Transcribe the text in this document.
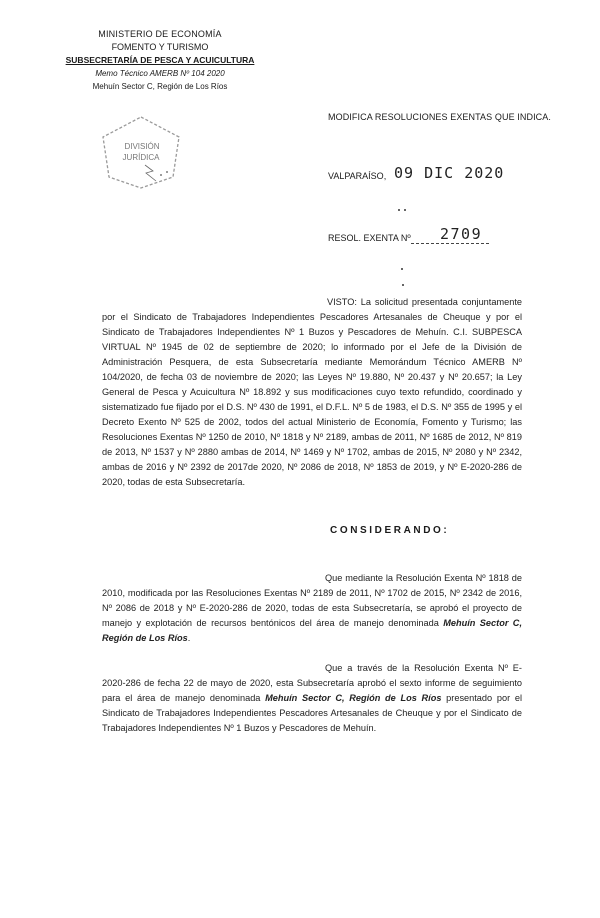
MINISTERIO DE ECONOMÍA
FOMENTO Y TURISMO
SUBSECRETARÍA DE PESCA Y ACUICULTURA
Memo Técnico AMERB Nº 104 2020
Mehuín Sector C, Región de Los Ríos
DIVISIÓN
JURÍDICA
MODIFICA RESOLUCIONES EXENTAS QUE INDICA.
VALPARAÍSO, 09 DIC 2020
RESOL. EXENTA Nº 2709
VISTO: La solicitud presentada conjuntamente por el Sindicato de Trabajadores Independientes Pescadores Artesanales de Cheuque y por el Sindicato de Trabajadores Independientes Nº 1 Buzos y Pescadores de Mehuín. C.I. SUBPESCA VIRTUAL Nº 1945 de 02 de septiembre de 2020; lo informado por el Jefe de la División de Administración Pesquera, de esta Subsecretaría mediante Memorándum Técnico AMERB Nº 104/2020, de fecha 03 de noviembre de 2020; las Leyes Nº 19.880, Nº 20.437 y Nº 20.657; la Ley General de Pesca y Acuicultura Nº 18.892 y sus modificaciones cuyo texto refundido, coordinado y sistematizado fue fijado por el D.S. Nº 430 de 1991, el D.F.L. Nº 5 de 1983, el D.S. Nº 355 de 1995 y el Decreto Exento Nº 525 de 2002, todos del actual Ministerio de Economía, Fomento y Turismo; las Resoluciones Exentas Nº 1250 de 2010, Nº 1818 y Nº 2189, ambas de 2011, Nº 1685 de 2012, Nº 819 de 2013, Nº 1537 y Nº 2880 ambas de 2014, Nº 1469 y Nº 1702, ambas de 2015, Nº 2080 y Nº 2342, ambas de 2016 y Nº 2392 de 2017de 2020, Nº 2086 de 2018, Nº 1853 de 2019, y Nº E-2020-286 de 2020, todas de esta Subsecretaría.
CONSIDERANDO:
Que mediante la Resolución Exenta Nº 1818 de 2010, modificada por las Resoluciones Exentas Nº 2189 de 2011, Nº 1702 de 2015, Nº 2342 de 2016, Nº 2086 de 2018 y Nº E-2020-286 de 2020, todas de esta Subsecretaría, se aprobó el proyecto de manejo y explotación de recursos bentónicos del área de manejo denominada Mehuín Sector C, Región de Los Ríos.
Que a través de la Resolución Exenta Nº E-2020-286 de fecha 22 de mayo de 2020, esta Subsecretaría aprobó el sexto informe de seguimiento para el área de manejo denominada Mehuín Sector C, Región de Los Ríos presentado por el Sindicato de Trabajadores Independientes Pescadores Artesanales de Cheuque y por el Sindicato de Trabajadores Independientes Nº 1 Buzos y Pescadores de Mehuín.
